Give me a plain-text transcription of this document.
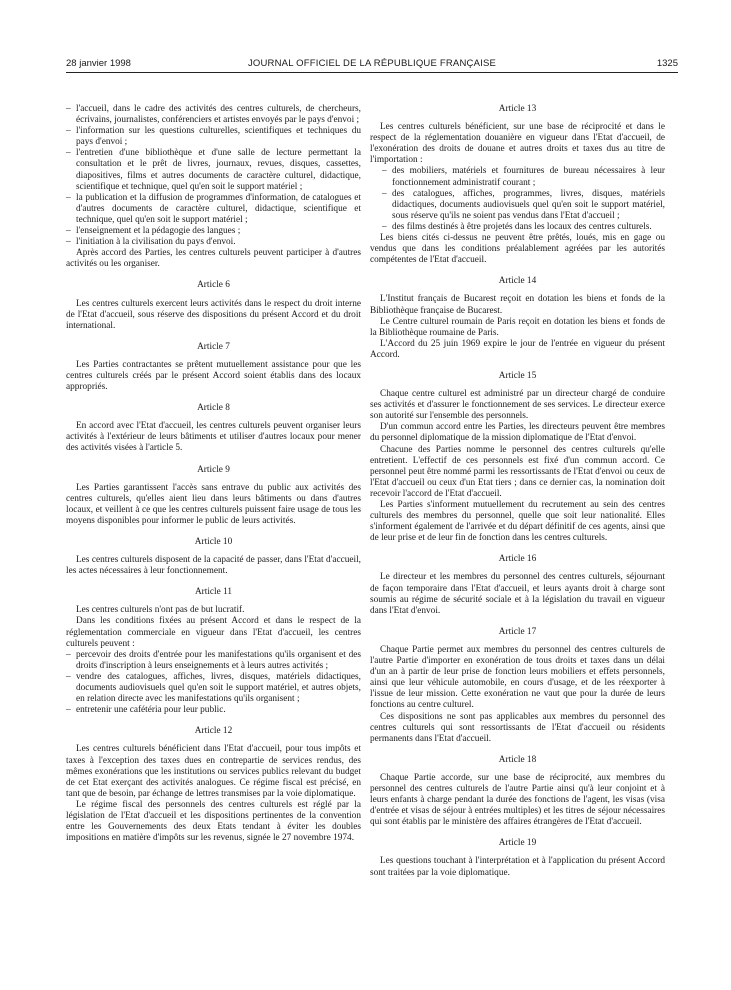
28 janvier 1998	JOURNAL OFFICIEL DE LA RÉPUBLIQUE FRANÇAISE	1325
– l'accueil, dans le cadre des activités des centres culturels, de chercheurs, écrivains, journalistes, conférenciers et artistes envoyés par le pays d'envoi ;
– l'information sur les questions culturelles, scientifiques et techniques du pays d'envoi ;
– l'entretien d'une bibliothèque et d'une salle de lecture permettant la consultation et le prêt de livres, journaux, revues, disques, cassettes, diapositives, films et autres documents de caractère culturel, didactique, scientifique et technique, quel qu'en soit le support matériel ;
– la publication et la diffusion de programmes d'information, de catalogues et d'autres documents de caractère culturel, didactique, scientifique et technique, quel qu'en soit le support matériel ;
– l'enseignement et la pédagogie des langues ;
– l'initiation à la civilisation du pays d'envoi.

Après accord des Parties, les centres culturels peuvent participer à d'autres activités ou les organiser.

Article 6

Les centres culturels exercent leurs activités dans le respect du droit interne de l'Etat d'accueil, sous réserve des dispositions du présent Accord et du droit international.

Article 7

Les Parties contractantes se prêtent mutuellement assistance pour que les centres culturels créés par le présent Accord soient établis dans des locaux appropriés.

Article 8

En accord avec l'Etat d'accueil, les centres culturels peuvent organiser leurs activités à l'extérieur de leurs bâtiments et utiliser d'autres locaux pour mener des activités visées à l'article 5.

Article 9

Les Parties garantissent l'accès sans entrave du public aux activités des centres culturels, qu'elles aient lieu dans leurs bâtiments ou dans d'autres locaux, et veillent à ce que les centres culturels puissent faire usage de tous les moyens disponibles pour informer le public de leurs activités.

Article 10

Les centres culturels disposent de la capacité de passer, dans l'Etat d'accueil, les actes nécessaires à leur fonctionnement.

Article 11

Les centres culturels n'ont pas de but lucratif.

Dans les conditions fixées au présent Accord et dans le respect de la réglementation commerciale en vigueur dans l'Etat d'accueil, les centres culturels peuvent :

– percevoir des droits d'entrée pour les manifestations qu'ils organisent et des droits d'inscription à leurs enseignements et à leurs autres activités ;
– vendre des catalogues, affiches, livres, disques, matériels didactiques, documents audiovisuels quel qu'en soit le support matériel, et autres objets, en relation directe avec les manifestations qu'ils organisent ;
– entretenir une cafétéria pour leur public.
Article 12

Les centres culturels bénéficient dans l'Etat d'accueil, pour tous impôts et taxes à l'exception des taxes dues en contrepartie de services rendus, des mêmes exonérations que les institutions ou services publics relevant du budget de cet Etat exerçant des activités analogues. Ce régime fiscal est précisé, en tant que de besoin, par échange de lettres transmises par la voie diplomatique.

Le régime fiscal des personnels des centres culturels est réglé par la législation de l'Etat d'accueil et les dispositions pertinentes de la convention entre les Gouvernements des deux Etats tendant à éviter les doubles impositions en matière d'impôts sur les revenus, signée le 27 novembre 1974.

Article 13

Les centres culturels bénéficient, sur une base de réciprocité et dans le respect de la réglementation douanière en vigueur dans l'Etat d'accueil, de l'exonération des droits de douane et autres droits et taxes dus au titre de l'importation :

– des mobiliers, matériels et fournitures de bureau nécessaires à leur fonctionnement administratif courant ;
– des catalogues, affiches, programmes, livres, disques, matériels didactiques, documents audiovisuels quel qu'en soit le support matériel, sous réserve qu'ils ne soient pas vendus dans l'Etat d'accueil ;
– des films destinés à être projetés dans les locaux des centres culturels.

Les biens cités ci-dessus ne peuvent être prêtés, loués, mis en gage ou vendus que dans les conditions préalablement agréées par les autorités compétentes de l'Etat d'accueil.

Article 14

L'Institut français de Bucarest reçoit en dotation les biens et fonds de la Bibliothèque française de Bucarest.

Le Centre culturel roumain de Paris reçoit en dotation les biens et fonds de la Bibliothèque roumaine de Paris.

L'Accord du 25 juin 1969 expire le jour de l'entrée en vigueur du présent Accord.

Article 15

Chaque centre culturel est administré par un directeur chargé de conduire ses activités et d'assurer le fonctionnement de ses services. Le directeur exerce son autorité sur l'ensemble des personnels.

D'un commun accord entre les Parties, les directeurs peuvent être membres du personnel diplomatique de la mission diplomatique de l'Etat d'envoi.

Chacune des Parties nomme le personnel des centres culturels qu'elle entretient. L'effectif de ces personnels est fixé d'un commun accord. Ce personnel peut être nommé parmi les ressortissants de l'Etat d'envoi ou ceux de l'Etat d'accueil ou ceux d'un Etat tiers ; dans ce dernier cas, la nomination doit recevoir l'accord de l'Etat d'accueil.

Les Parties s'informent mutuellement du recrutement au sein des centres culturels des membres du personnel, quelle que soit leur nationalité. Elles s'informent également de l'arrivée et du départ définitif de ces agents, ainsi que de leur prise et de leur fin de fonction dans les centres culturels.

Article 16

Le directeur et les membres du personnel des centres culturels, séjournant de façon temporaire dans l'Etat d'accueil, et leurs ayants droit à charge sont soumis au régime de sécurité sociale et à la législation du travail en vigueur dans l'Etat d'envoi.

Article 17

Chaque Partie permet aux membres du personnel des centres culturels de l'autre Partie d'importer en exonération de tous droits et taxes dans un délai d'un an à partir de leur prise de fonction leurs mobiliers et effets personnels, ainsi que leur véhicule automobile, en cours d'usage, et de les réexporter à l'issue de leur mission. Cette exonération ne vaut que pour la durée de leurs fonctions au centre culturel.

Ces dispositions ne sont pas applicables aux membres du personnel des centres culturels qui sont ressortissants de l'Etat d'accueil ou résidents permanents dans l'Etat d'accueil.

Article 18

Chaque Partie accorde, sur une base de réciprocité, aux membres du personnel des centres culturels de l'autre Partie ainsi qu'à leur conjoint et à leurs enfants à charge pendant la durée des fonctions de l'agent, les visas (visa d'entrée et visas de séjour à entrées multiples) et les titres de séjour nécessaires qui sont établis par le ministère des affaires étrangères de l'Etat d'accueil.

Article 19

Les questions touchant à l'interprétation et à l'application du présent Accord sont traitées par la voie diplomatique.
